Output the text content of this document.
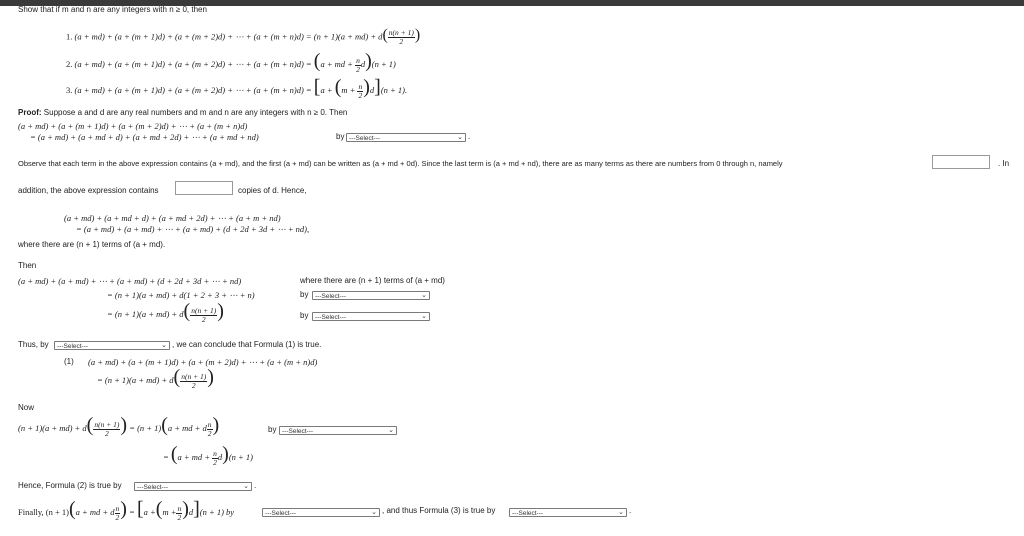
Show that if m and n are any integers with n ≥ 0, then
1. (a + md) + (a + (m + 1)d) + (a + (m + 2)d) + ⋯ + $(a + (m + n)d) = (n + 1)(a + md) + d( \frac{n(n + 1)}{2}$ )
2. (a + md) + (a + (m + 1)d) + (a + (m + 2)d) + ⋯ + (a + (m + n)d) = (a + md + $\frac{n}{2} d)(n + 1)$
3. (a + md) + (a + (m + 1)d) + (a + (m + 2)d) + ⋯ + $(a + (m + n)d) = [a + (m + \frac{n}{2} )d](n + 1)$.
Proof: Suppose a and d are any real numbers and m and n are any integers with n ≥ 0. Then
(a + md) + (a + (m + 1)d) + (a + (m + 2)d) + ⋯ + (a + (m + n)d)
= (a + md) + (a + md + d) + (a + md + 2d) + ⋯ + (a + md + nd)	by ---Select---	⌄ .
Observe that each term in the above expression contains (a + md), and the first (a + md) can be written as (a + md + 0d). Since the last term is (a + md + nd), there are as many terms as there are numbers from 0 through n, namely	. In
addition, the above expression contains	copies of d. Hence,
(a + md) + (a + md + d) + (a + md + 2d) + ⋯ + (a + m + nd)
= (a + md) + (a + md) + ⋯ + (a + md) + (d + 2d + 3d + ⋯ + nd),
where there are (n + 1) terms of (a + md).
Then
(a + md) + (a + md) + ⋯ + (a + md) + (d + 2d + 3d + ⋯ + nd)	where there are (n + 1) terms of (a + md)
= (n + 1)(a + md) + d(1 + 2 + 3 + ⋯ + n)	by	---Select---	⌄
= $(n + 1)(a + md) + d( \frac{n(n + 1)}{2}$ )	by	---Select---	⌄
Thus, by	---Select---	⌄ , we can conclude that Formula (1) is true.
(1) (a + md) + (a + (m + 1)d) + (a + (m + 2)d) + ⋯ + (a + (m + n)d)
= $(n + 1)(a + md) + d( \frac{n(n + 1)}{2}$ )
Now
$(n + 1)(a + md) + d( \frac{n(n + 1)}{2}$ ) = (n + 1)(a + md + d $\frac{n}{2}$ )	by ---Select---	⌄
= (a + md + $\frac{n}{2} d)(n + 1)$
Hence, Formula (2) is true by	---Select---	⌄ .
Finally, (n + 1)(a + md + d $\frac{n}{2}$ ) = $[a +(m + \frac{n}{2} )d](n + 1)$ by	---Select---	⌄ , and thus Formula (3) is true by	---Select---	⌄ .
